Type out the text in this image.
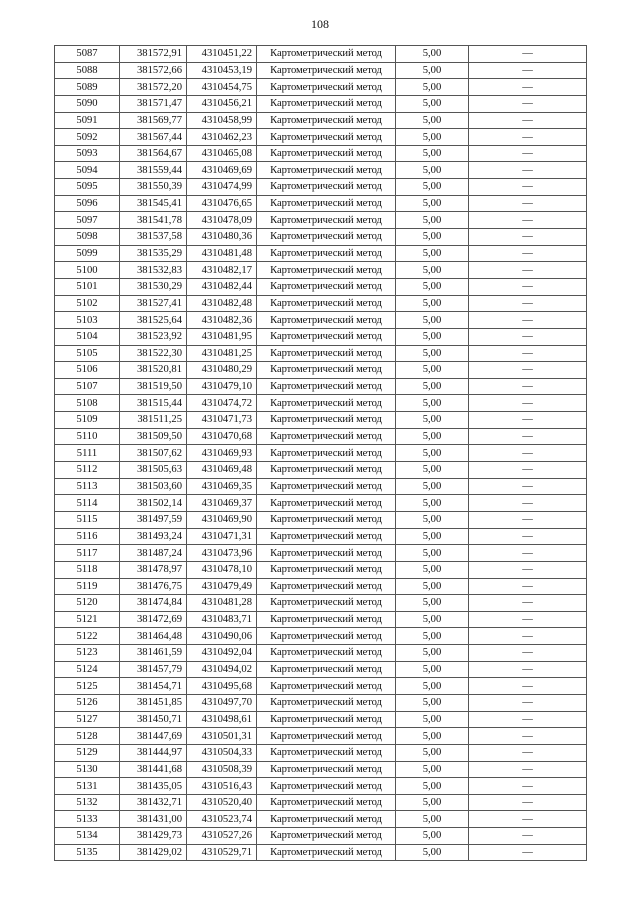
108
5087	381572,91	4310451,22	Картометрический метод	5,00	—
5088	381572,66	4310453,19	Картометрический метод	5,00	—
5089	381572,20	4310454,75	Картометрический метод	5,00	—
5090	381571,47	4310456,21	Картометрический метод	5,00	—
5091	381569,77	4310458,99	Картометрический метод	5,00	—
5092	381567,44	4310462,23	Картометрический метод	5,00	—
5093	381564,67	4310465,08	Картометрический метод	5,00	—
5094	381559,44	4310469,69	Картометрический метод	5,00	—
5095	381550,39	4310474,99	Картометрический метод	5,00	—
5096	381545,41	4310476,65	Картометрический метод	5,00	—
5097	381541,78	4310478,09	Картометрический метод	5,00	—
5098	381537,58	4310480,36	Картометрический метод	5,00	—
5099	381535,29	4310481,48	Картометрический метод	5,00	—
5100	381532,83	4310482,17	Картометрический метод	5,00	—
5101	381530,29	4310482,44	Картометрический метод	5,00	—
5102	381527,41	4310482,48	Картометрический метод	5,00	—
5103	381525,64	4310482,36	Картометрический метод	5,00	—
5104	381523,92	4310481,95	Картометрический метод	5,00	—
5105	381522,30	4310481,25	Картометрический метод	5,00	—
5106	381520,81	4310480,29	Картометрический метод	5,00	—
5107	381519,50	4310479,10	Картометрический метод	5,00	—
5108	381515,44	4310474,72	Картометрический метод	5,00	—
5109	381511,25	4310471,73	Картометрический метод	5,00	—
5110	381509,50	4310470,68	Картометрический метод	5,00	—
5111	381507,62	4310469,93	Картометрический метод	5,00	—
5112	381505,63	4310469,48	Картометрический метод	5,00	—
5113	381503,60	4310469,35	Картометрический метод	5,00	—
5114	381502,14	4310469,37	Картометрический метод	5,00	—
5115	381497,59	4310469,90	Картометрический метод	5,00	—
5116	381493,24	4310471,31	Картометрический метод	5,00	—
5117	381487,24	4310473,96	Картометрический метод	5,00	—
5118	381478,97	4310478,10	Картометрический метод	5,00	—
5119	381476,75	4310479,49	Картометрический метод	5,00	—
5120	381474,84	4310481,28	Картометрический метод	5,00	—
5121	381472,69	4310483,71	Картометрический метод	5,00	—
5122	381464,48	4310490,06	Картометрический метод	5,00	—
5123	381461,59	4310492,04	Картометрический метод	5,00	—
5124	381457,79	4310494,02	Картометрический метод	5,00	—
5125	381454,71	4310495,68	Картометрический метод	5,00	—
5126	381451,85	4310497,70	Картометрический метод	5,00	—
5127	381450,71	4310498,61	Картометрический метод	5,00	—
5128	381447,69	4310501,31	Картометрический метод	5,00	—
5129	381444,97	4310504,33	Картометрический метод	5,00	—
5130	381441,68	4310508,39	Картометрический метод	5,00	—
5131	381435,05	4310516,43	Картометрический метод	5,00	—
5132	381432,71	4310520,40	Картометрический метод	5,00	—
5133	381431,00	4310523,74	Картометрический метод	5,00	—
5134	381429,73	4310527,26	Картометрический метод	5,00	—
5135	381429,02	4310529,71	Картометрический метод	5,00	—
